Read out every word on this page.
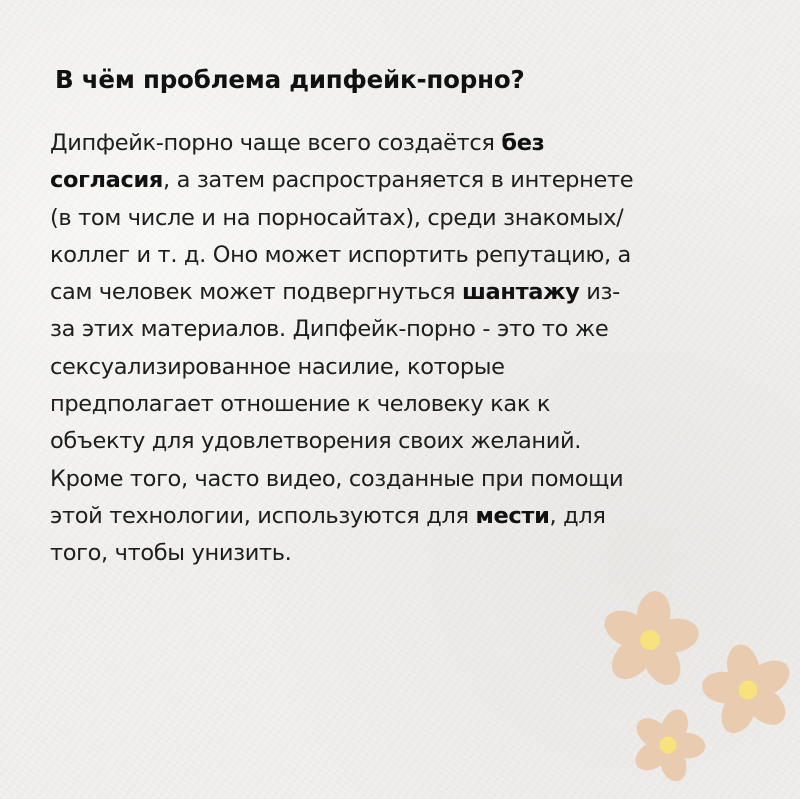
В чём проблема дипфейк-порно?
Дипфейк-порно чаще всего создаётся без
согласия, а затем распространяется в интернете
(в том числе и на порносайтах), среди знакомых/
коллег и т. д. Оно может испортить репутацию, а
сам человек может подвергнуться шантажу из-
за этих материалов. Дипфейк-порно - это то же
сексуализированное насилие, которые
предполагает отношение к человеку как к
объекту для удовлетворения своих желаний.
Кроме того, часто видео, созданные при помощи
этой технологии, используются для мести, для
того, чтобы унизить.
